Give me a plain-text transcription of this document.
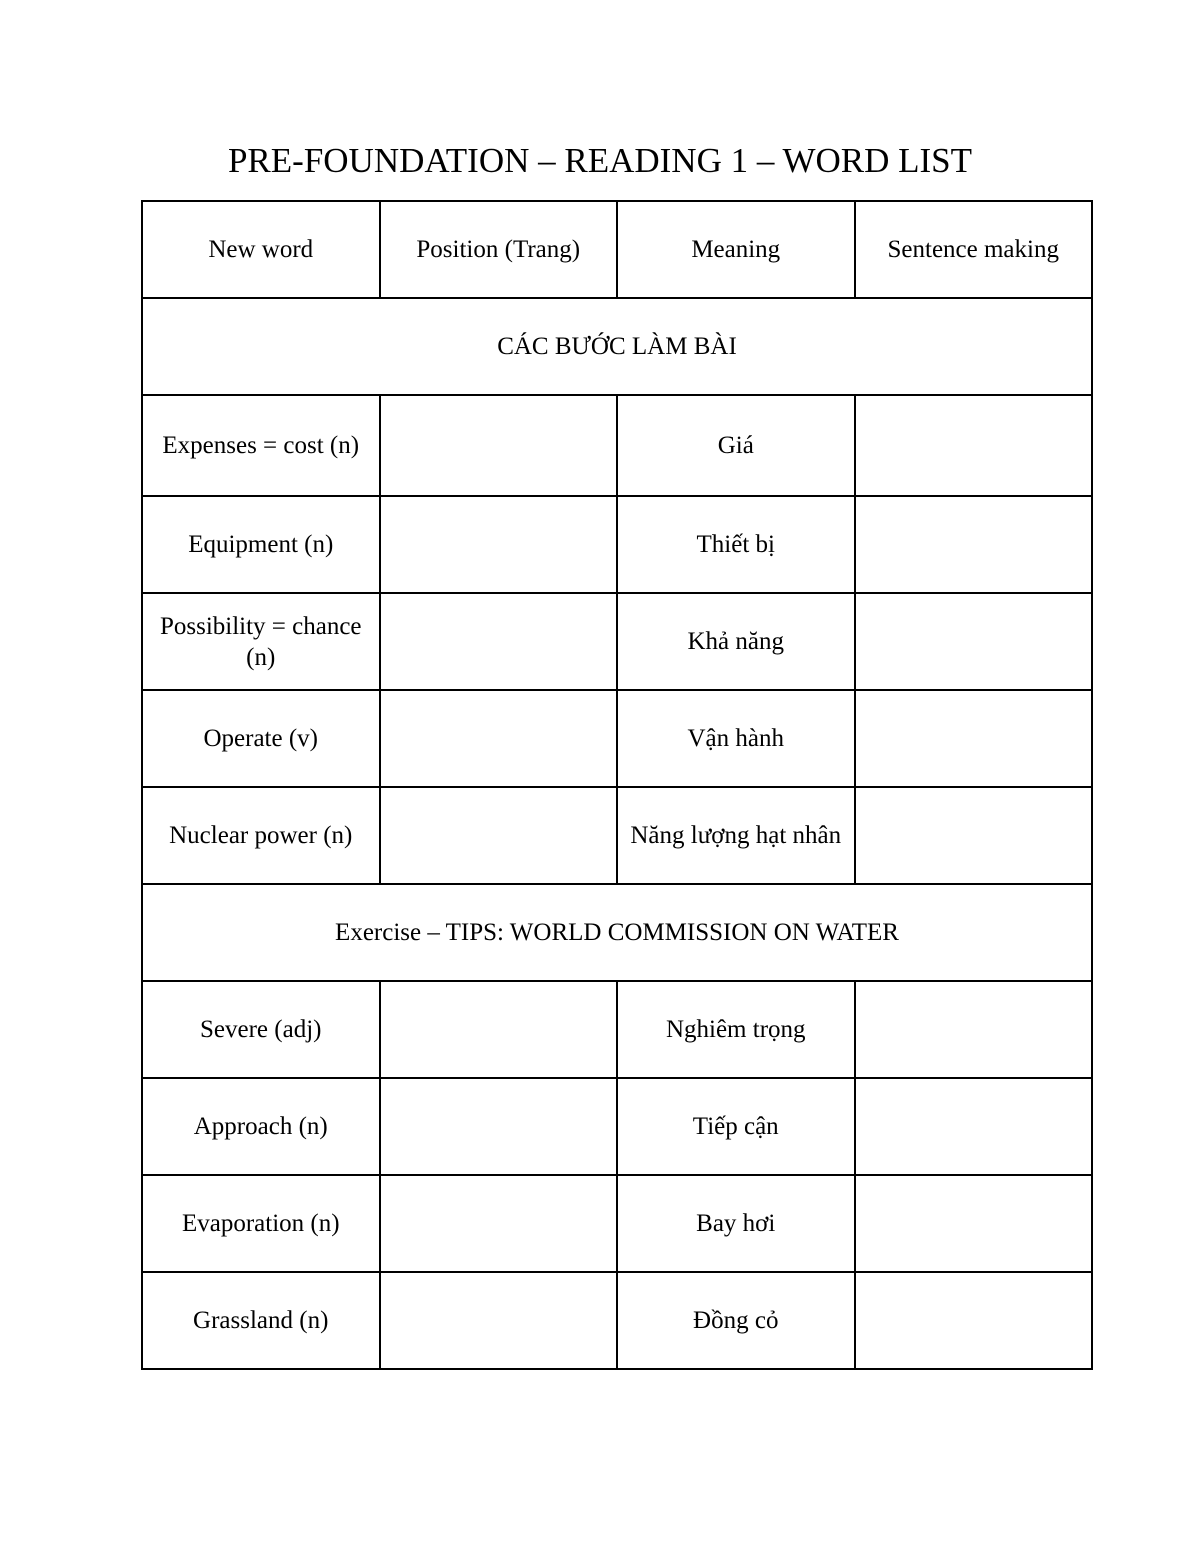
PRE-FOUNDATION – READING 1 – WORD LIST
New word	Position (Trang)	Meaning	Sentence making
CÁC BƯỚC LÀM BÀI			
Expenses = cost (n)		Giá	
Equipment (n)		Thiết bị	
Possibility = chance (n)		Khả năng	
Operate (v)		Vận hành	
Nuclear power (n)		Năng lượng hạt nhân	
Exercise – TIPS: WORLD COMMISSION ON WATER			
Severe (adj)		Nghiêm trọng	
Approach (n)		Tiếp cận	
Evaporation (n)		Bay hơi	
Grassland (n)		Đồng cỏ	
